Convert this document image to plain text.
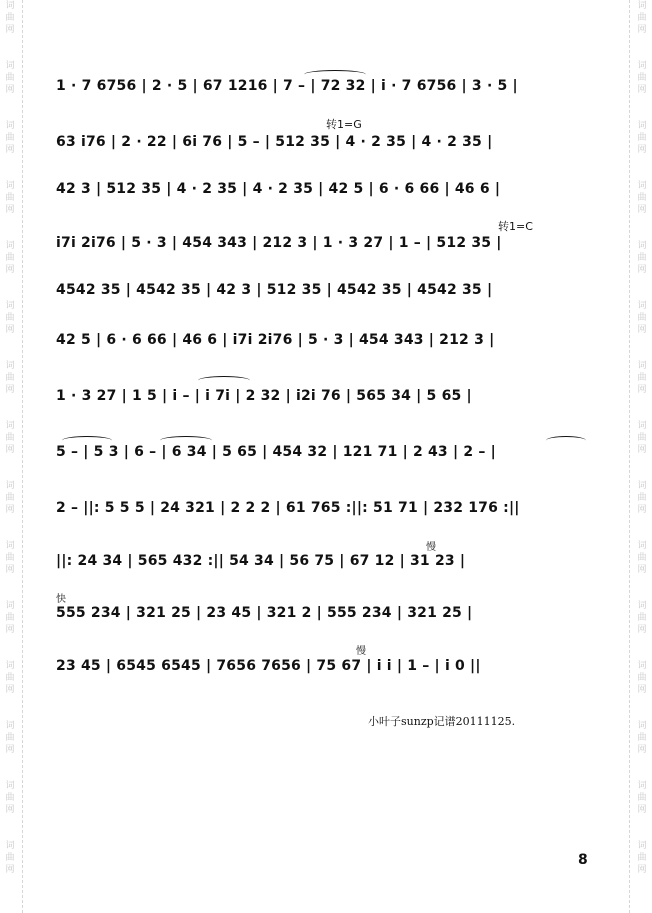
词
曲
网
词
曲
网
词
曲
网
词
曲
网
词
曲
网
词
曲
网
词
曲
网
词
曲
网
词
曲
网
词
曲
网
词
曲
网
词
曲
网
词
曲
网
词
曲
网
词
曲
网
词
曲
网
词
曲
网
词
曲
网
词
曲
网
词
曲
网
词
曲
网
词
曲
网
词
曲
网
词
曲
网
词
曲
网
词
曲
网
词
曲
网
词
曲
网
词
曲
网
词
曲
网
转1=G
转1=C
慢
快
慢
1 · 7 6756 | 2 · 5 | 67 1216 | 7 – | 72 32 | i · 7 6756 | 3 · 5 |
63 i76 | 2 · 22 | 6i 76 | 5 – | 512 35 | 4 · 2 35 | 4 · 2 35 |
42 3 | 512 35 | 4 · 2 35 | 4 · 2 35 | 42 5 | 6 · 6 66 | 46 6 |
i7i 2i76 | 5 · 3 | 454 343 | 212 3 | 1 · 3 27 | 1 – | 512 35 |
4542 35 | 4542 35 | 42 3 | 512 35 | 4542 35 | 4542 35 |
42 5 | 6 · 6 66 | 46 6 | i7i 2i76 | 5 · 3 | 454 343 | 212 3 |
1 · 3 27 | 1 5 | i – | i 7i | 2 32 | i2i 76 | 565 34 | 5 65 |
5 – | 5 3 | 6 – | 6 34 | 5 65 | 454 32 | 121 71 | 2 43 | 2 – |
2 – ||: 5 5 5 | 24 321 | 2 2 2 | 61 765 :||: 51 71 | 232 176 :||
||: 24 34 | 565 432 :|| 54 34 | 56 75 | 67 12 | 31 23 |
555 234 | 321 25 | 23 45 | 321 2 | 555 234 | 321 25 |
23 45 | 6545 6545 | 7656 7656 | 75 67 | i i | 1 – | i 0 ||
小叶子sunzp记谱20111125.
8
